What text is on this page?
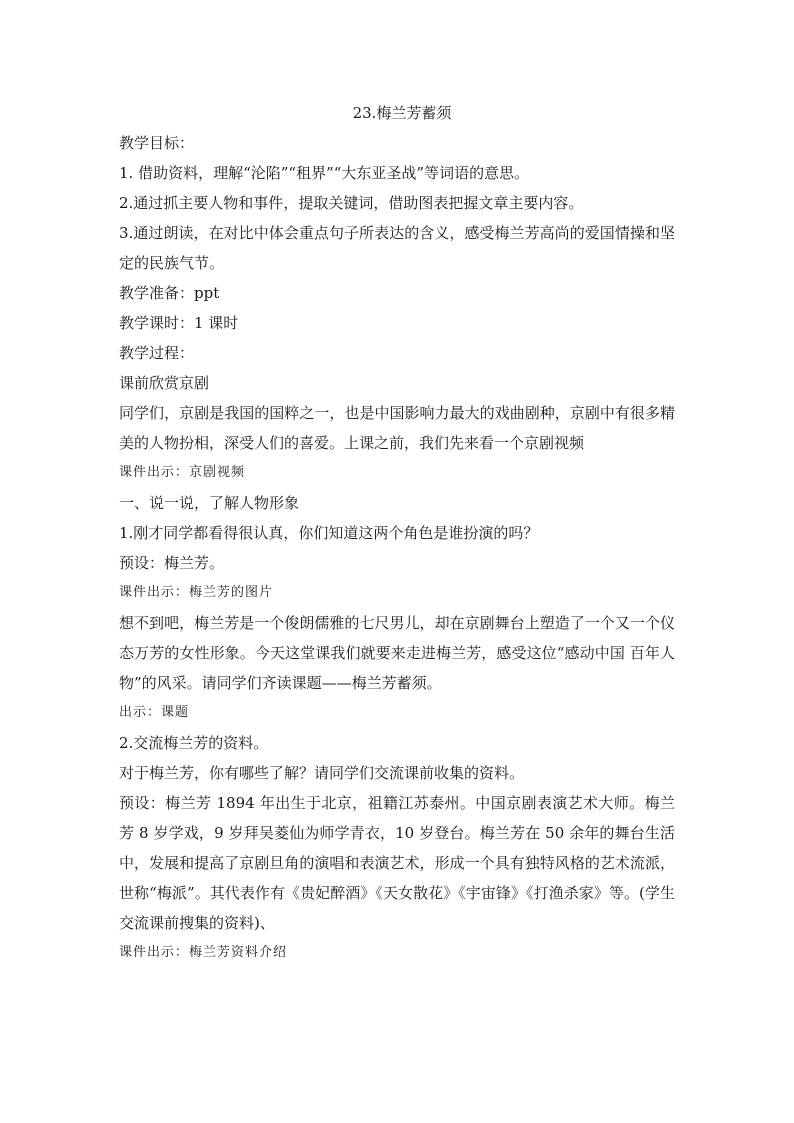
23.梅兰芳蓄须

教学目标：

1. 借助资料，理解“沦陷”“租界”“大东亚圣战”等词语的意思。

2.通过抓主要人物和事件，提取关键词，借助图表把握文章主要内容。

3.通过朗读，在对比中体会重点句子所表达的含义，感受梅兰芳高尚的爱国情操和坚定的民族气节。

教学准备：ppt

教学课时：1 课时

教学过程：

课前欣赏京剧

同学们，京剧是我国的国粹之一，也是中国影响力最大的戏曲剧种，京剧中有很多精美的人物扮相，深受人们的喜爱。上课之前，我们先来看一个京剧视频

课件出示：京剧视频

一、说一说，了解人物形象

1.刚才同学都看得很认真，你们知道这两个角色是谁扮演的吗？

预设：梅兰芳。

课件出示：梅兰芳的图片

想不到吧，梅兰芳是一个俊朗儒雅的七尺男儿，却在京剧舞台上塑造了一个又一个仪态万芳的女性形象。今天这堂课我们就要来走进梅兰芳，感受这位“感动中国 百年人物”的风采。请同学们齐读课题——梅兰芳蓄须。

出示：课题

2.交流梅兰芳的资料。

对于梅兰芳，你有哪些了解？请同学们交流课前收集的资料。

预设：梅兰芳 1894 年出生于北京，祖籍江苏泰州。中国京剧表演艺术大师。梅兰芳 8 岁学戏，9 岁拜吴菱仙为师学青衣，10 岁登台。梅兰芳在 50 余年的舞台生活中，发展和提高了京剧旦角的演唱和表演艺术，形成一个具有独特风格的艺术流派，世称“梅派”。其代表作有《贵妃醉酒》《天女散花》《宇宙锋》《打渔杀家》等。(学生交流课前搜集的资料)、

课件出示：梅兰芳资料介绍
